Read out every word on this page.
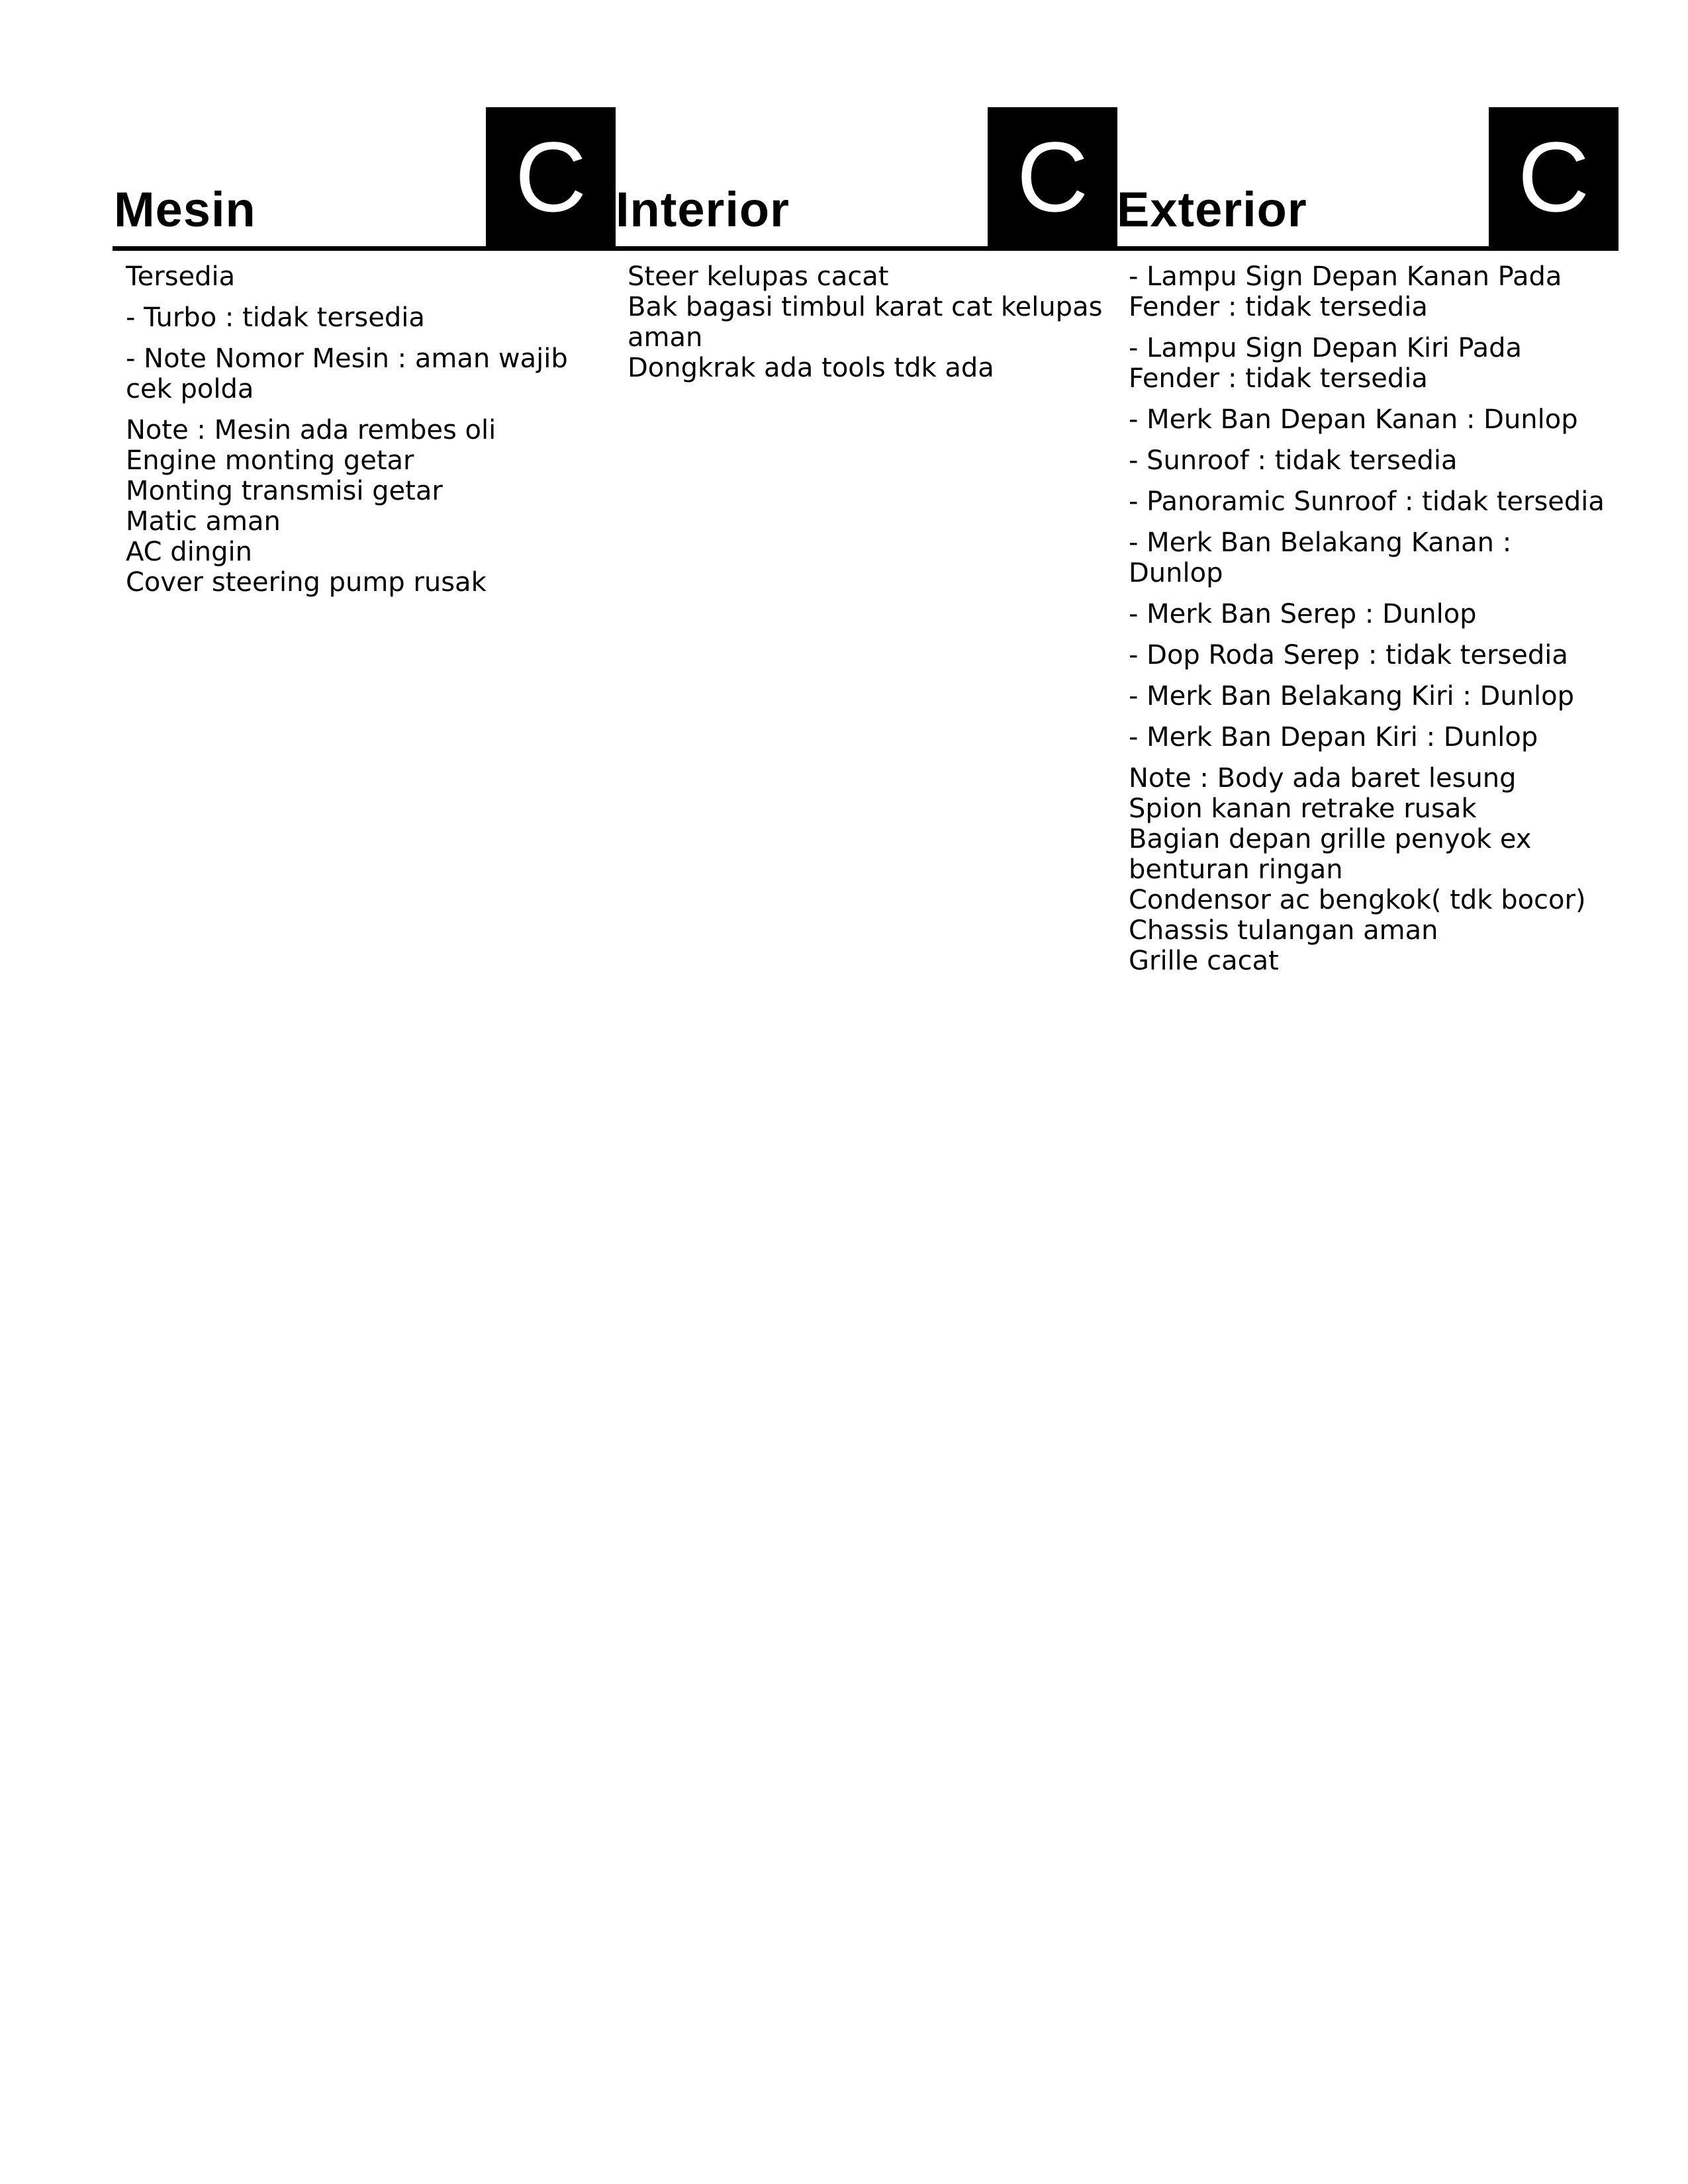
Mesin	C
Tersedia
- Turbo : tidak tersedia
- Note Nomor Mesin : aman wajib cek polda
Note : Mesin ada rembes oli
Engine monting getar
Monting transmisi getar
Matic aman
AC dingin
Cover steering pump rusak
Interior C
Steer kelupas cacat
Bak bagasi timbul karat cat kelupas aman
Dongkrak ada tools tdk ada
Exterior C
- Lampu Sign Depan Kanan Pada Fender : tidak tersedia
- Lampu Sign Depan Kiri Pada Fender : tidak tersedia
- Merk Ban Depan Kanan : Dunlop
- Sunroof : tidak tersedia
- Panoramic Sunroof : tidak tersedia
- Merk Ban Belakang Kanan : Dunlop
- Merk Ban Serep : Dunlop
- Dop Roda Serep : tidak tersedia
- Merk Ban Belakang Kiri : Dunlop
- Merk Ban Depan Kiri : Dunlop
Note : Body ada baret lesung
Spion kanan retrake rusak
Bagian depan grille penyok ex benturan ringan
Condensor ac bengkok( tdk bocor)
Chassis tulangan aman
Grille cacat
